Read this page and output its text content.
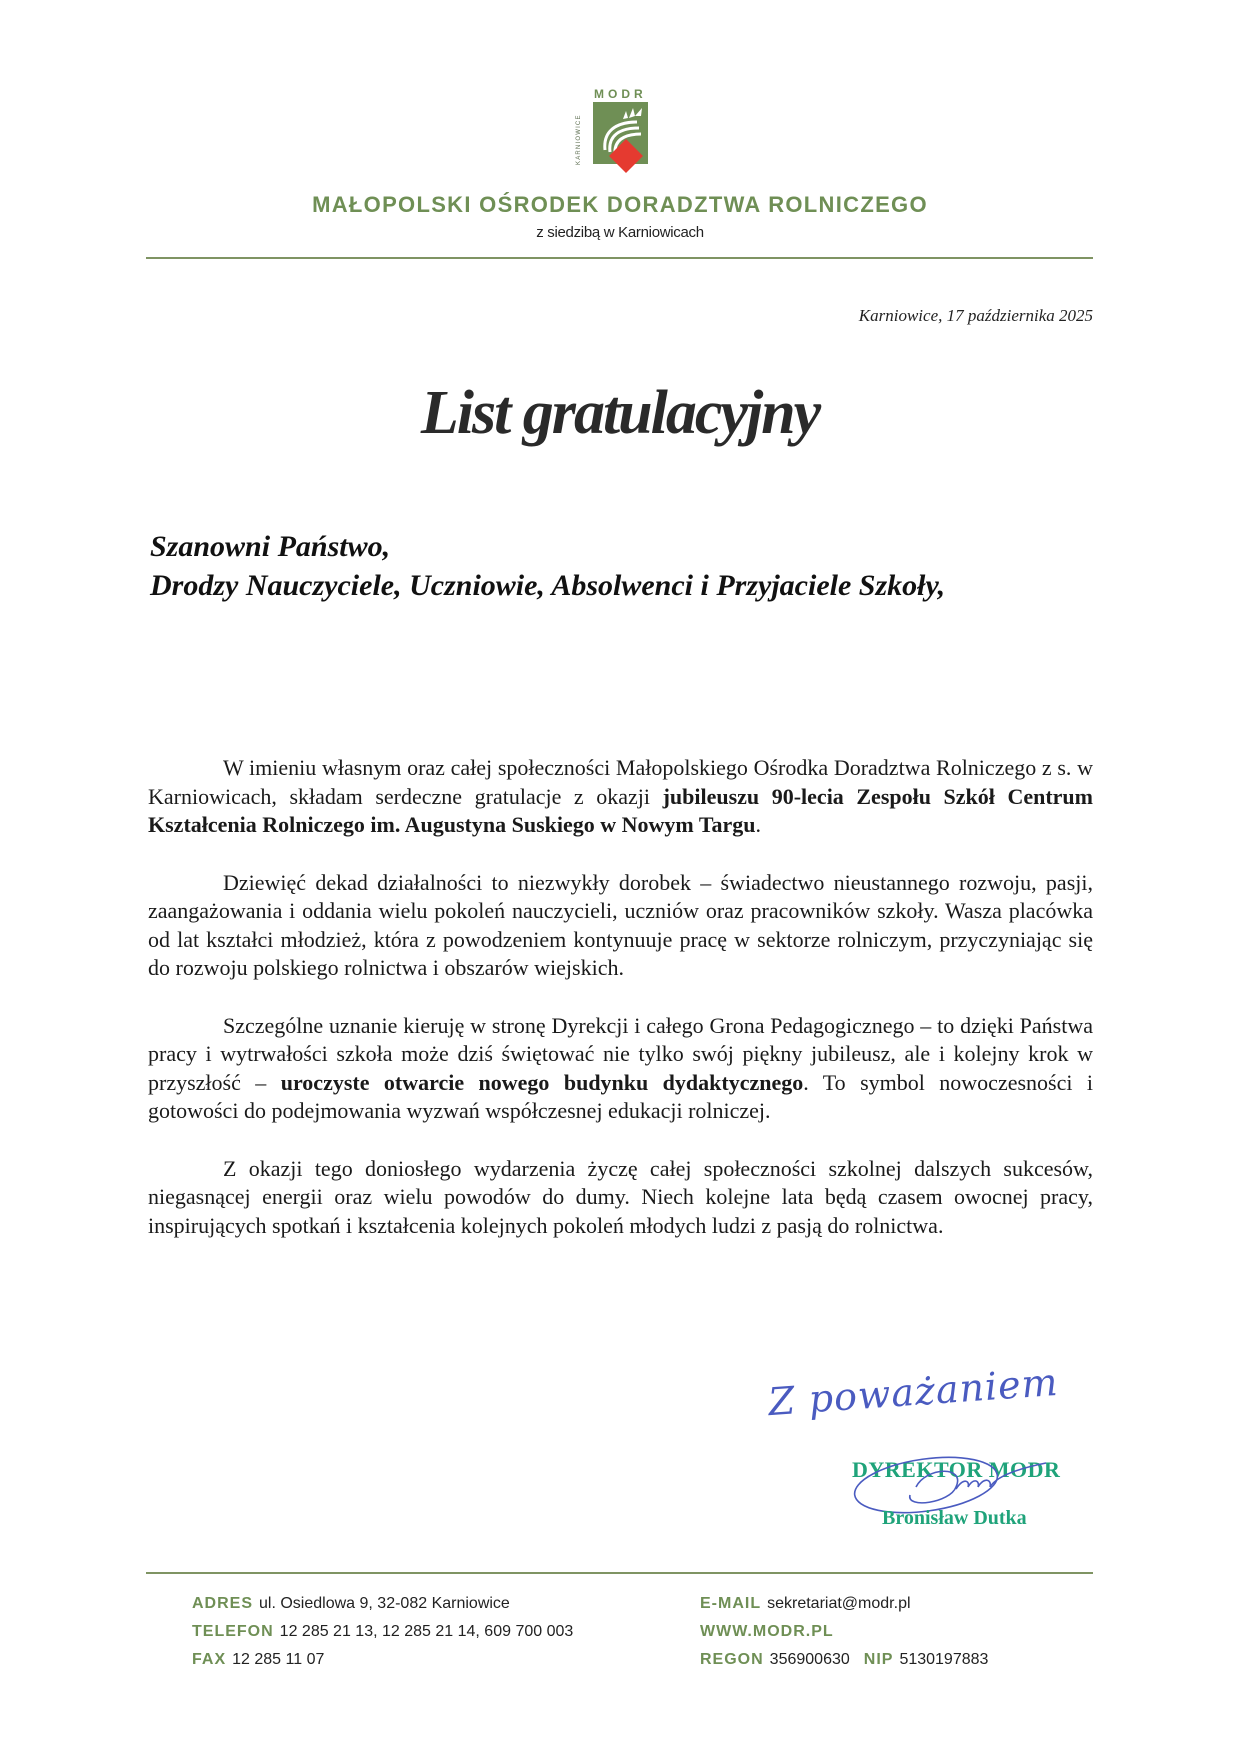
MODR
KARNIOWICE
MAŁOPOLSKI OŚRODEK DORADZTWA ROLNICZEGO
z siedzibą w Karniowicach
Karniowice, 17 października 2025
List gratulacyjny
Szanowni Państwo,
Drodzy Nauczyciele, Uczniowie, Absolwenci i Przyjaciele Szkoły,

W imieniu własnym oraz całej społeczności Małopolskiego Ośrodka Doradztwa Rolniczego z s. w Karniowicach, składam serdeczne gratulacje z okazji jubileuszu 90-lecia Zespołu Szkół Centrum Kształcenia Rolniczego im. Augustyna Suskiego w Nowym Targu.

Dziewięć dekad działalności to niezwykły dorobek – świadectwo nieustannego rozwoju, pasji, zaangażowania i oddania wielu pokoleń nauczycieli, uczniów oraz pracowników szkoły. Wasza placówka od lat kształci młodzież, która z powodzeniem kontynuuje pracę w sektorze rolniczym, przyczyniając się do rozwoju polskiego rolnictwa i obszarów wiejskich.

Szczególne uznanie kieruję w stronę Dyrekcji i całego Grona Pedagogicznego – to dzięki Państwa pracy i wytrwałości szkoła może dziś świętować nie tylko swój piękny jubileusz, ale i kolejny krok w przyszłość – uroczyste otwarcie nowego budynku dydaktycznego. To symbol nowoczesności i gotowości do podejmowania wyzwań współczesnej edukacji rolniczej.

Z okazji tego doniosłego wydarzenia życzę całej społeczności szkolnej dalszych sukcesów, niegasnącej energii oraz wielu powodów do dumy. Niech kolejne lata będą czasem owocnej pracy, inspirujących spotkań i kształcenia kolejnych pokoleń młodych ludzi z pasją do rolnictwa.

Z poważaniem
DYREKTOR MODR
Bronisław Dutka
ADRES ul. Osiedlowa 9, 32-082 Karniowice
TELEFON 12 285 21 13, 12 285 21 14, 609 700 003
FAX 12 285 11 07
E-MAIL sekretariat@modr.pl
WWW.MODR.PL
REGON 356900630 NIP 5130197883
